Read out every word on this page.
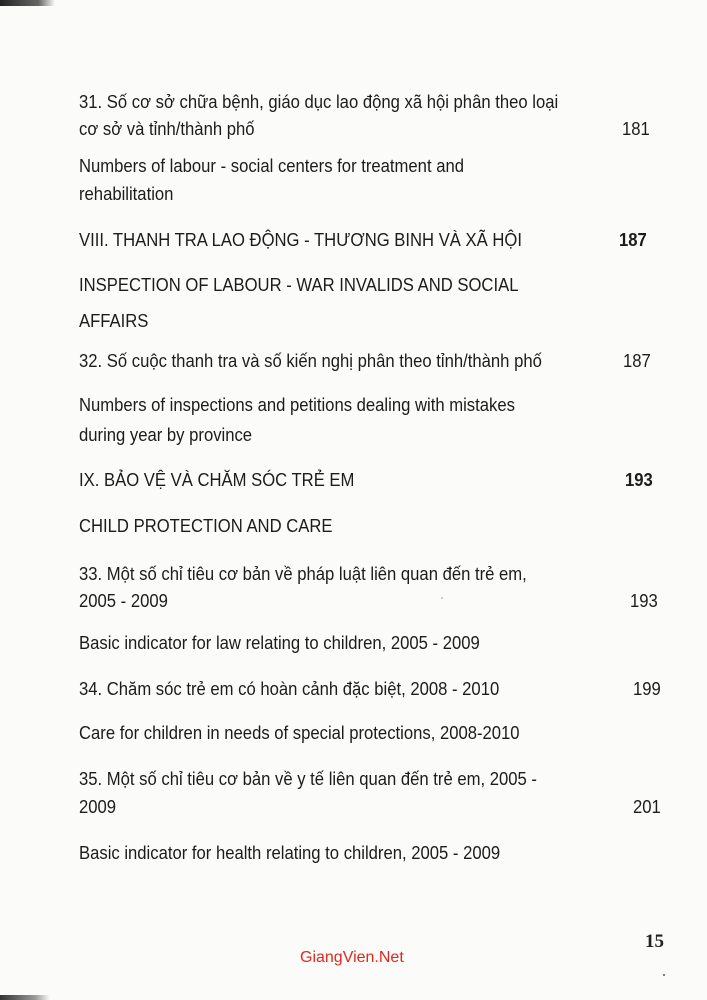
31. Số cơ sở chữa bệnh, giáo dục lao động xã hội phân theo loại
cơ sở và tỉnh/thành phố	181
Numbers of labour - social centers for treatment and
rehabilitation
VIII. THANH TRA LAO ĐỘNG - THƯƠNG BINH VÀ XÃ HỘI	187
INSPECTION OF LABOUR - WAR INVALIDS AND SOCIAL
AFFAIRS
32. Số cuộc thanh tra và số kiến nghị phân theo tỉnh/thành phố	187
Numbers of inspections and petitions dealing with mistakes
during year by province
IX. BẢO VỆ VÀ CHĂM SÓC TRẺ EM	193
CHILD PROTECTION AND CARE
33. Một số chỉ tiêu cơ bản về pháp luật liên quan đến trẻ em,
2005 - 2009	193
Basic indicator for law relating to children, 2005 - 2009
34. Chăm sóc trẻ em có hoàn cảnh đặc biệt, 2008 - 2010	199
Care for children in needs of special protections, 2008-2010
35. Một số chỉ tiêu cơ bản về y tế liên quan đến trẻ em, 2005 -
2009	201
Basic indicator for health relating to children, 2005 - 2009
15
GiangVien.Net
